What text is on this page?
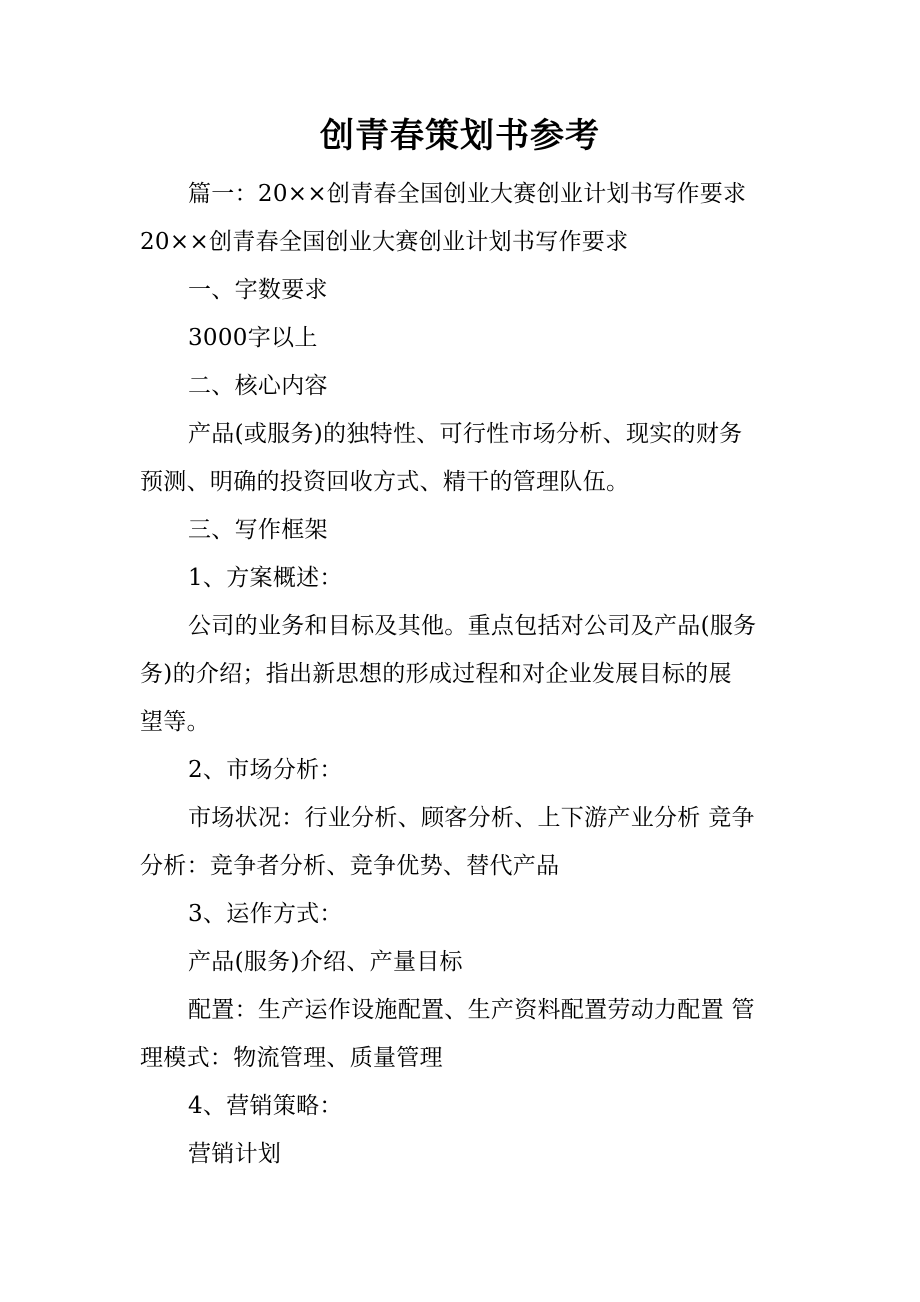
创青春策划书参考
篇一：20××创青春全国创业大赛创业计划书写作要求
20××创青春全国创业大赛创业计划书写作要求
一、字数要求
3000字以上
二、核心内容
产品(或服务)的独特性、可行性市场分析、现实的财务
预测、明确的投资回收方式、精干的管理队伍。
三、写作框架
1、方案概述：
公司的业务和目标及其他。重点包括对公司及产品(服务
务)的介绍；指出新思想的形成过程和对企业发展目标的展
望等。
2、市场分析：
市场状况：行业分析、顾客分析、上下游产业分析 竞争
分析：竞争者分析、竞争优势、替代产品
3、运作方式：
产品(服务)介绍、产量目标
配置：生产运作设施配置、生产资料配置劳动力配置 管
理模式：物流管理、质量管理
4、营销策略：
营销计划
